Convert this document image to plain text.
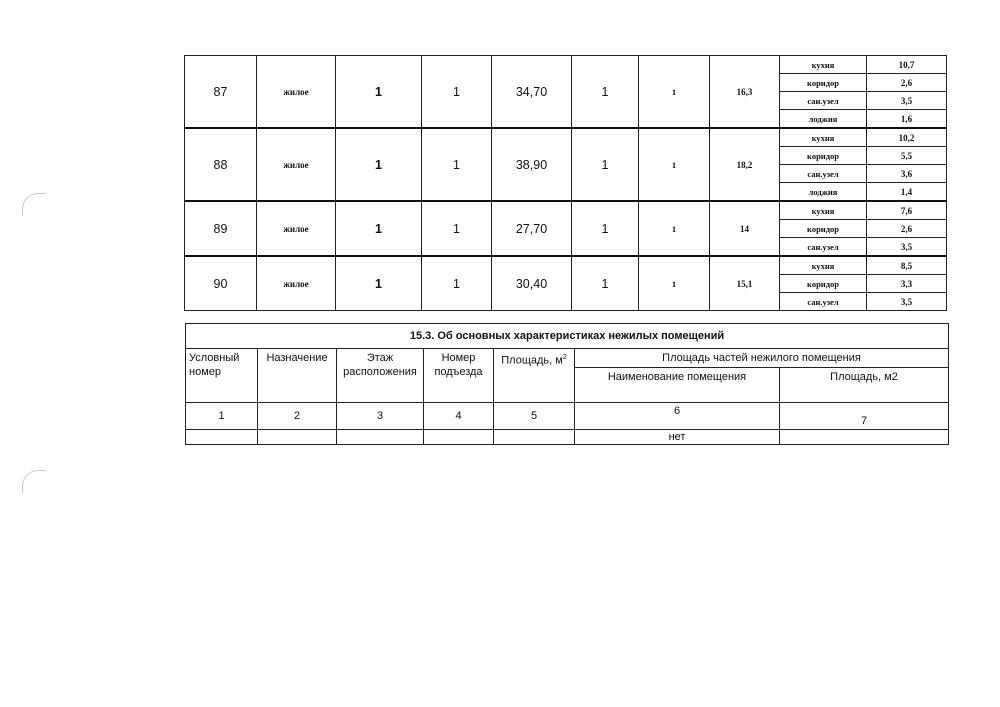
87	жилое	1	1	34,70	1	1	16,3	кухня	10,7
								коридор	2,6
								сан.узел	3,5
								лоджия	1,6
88	жилое	1	1	38,90	1	1	18,2	кухня	10,2
								коридор	5,5
								сан.узел	3,6
								лоджия	1,4
89	жилое	1	1	27,70	1	1	14	кухня	7,6
								коридор	2,6
								сан.узел	3,5
90	жилое	1	1	30,40	1	1	15,1	кухня	8,5
								коридор	3,3
								сан.узел	3,5
15.3. Об основных характеристиках нежилых помещений						
Условный номер	Назначение	Этаж расположения	Номер подъезда	Площадь, $м^2$	Площадь частей нежилого помещения	
					Наименование помещения	Площадь, м2
1	2	3	4	5	6	7
					нет	
